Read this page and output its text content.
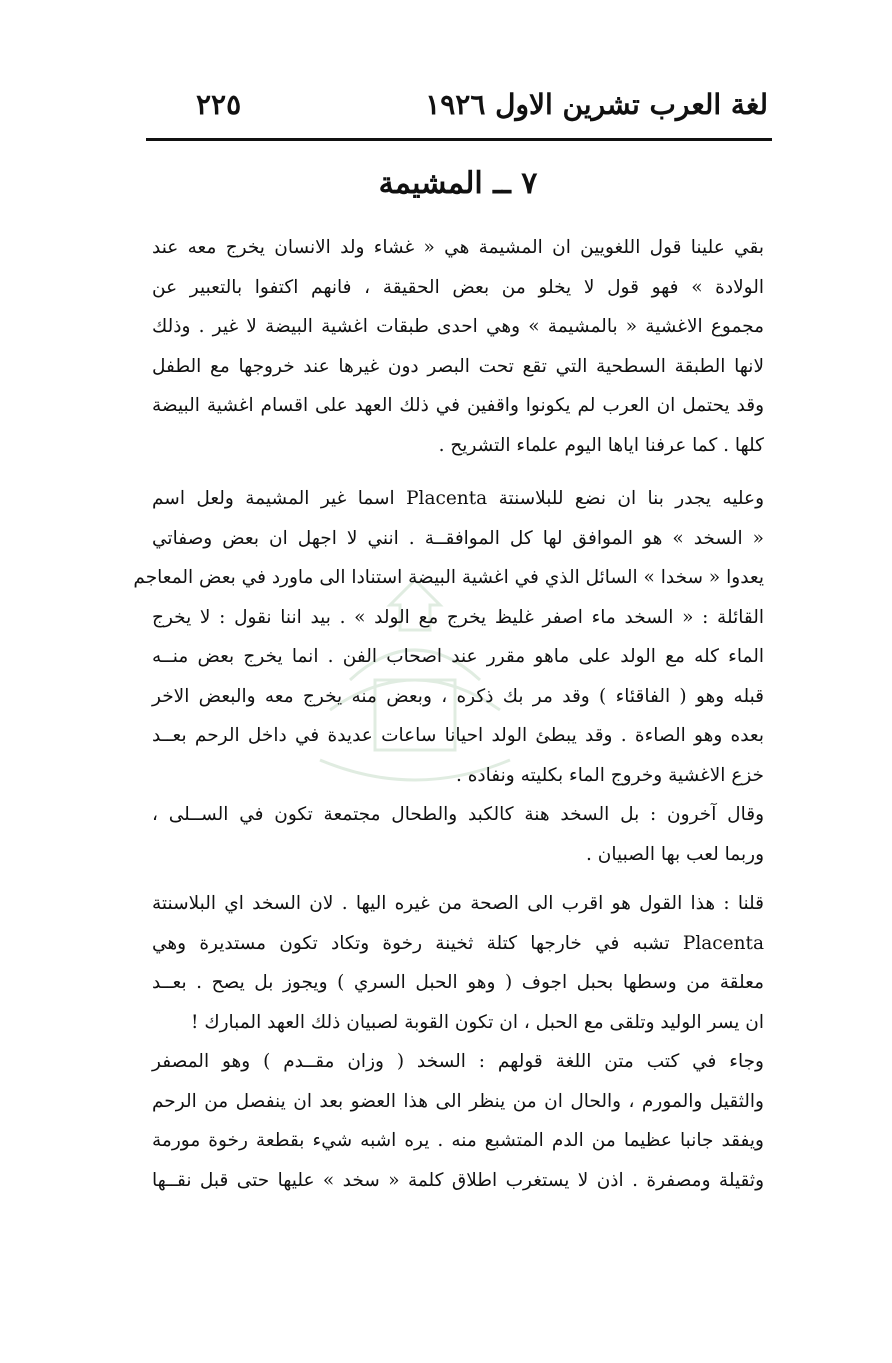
لغة العرب تشرين الاول ١٩٢٦
٢٢٥
٧ ــ المشيمة

بقي علينا قول اللغويين ان المشيمة هي « غشاء ولد الانسان يخرج معه عند

الولادة » فهو قول لا يخلو من بعض الحقيقة ، فانهم اكتفوا بالتعبير عن

مجموع الاغشية « بالمشيمة » وهي احدى طبقات اغشية البيضة لا غير . وذلك

لانها الطبقة السطحية التي تقع تحت البصر دون غيرها عند خروجها مع الطفل

وقد يحتمل ان العرب لم يكونوا واقفين في ذلك العهد على اقسام اغشية البيضة

كلها . كما عرفنا اياها اليوم علماء التشريح .

وعليه يجدر بنا ان نضع للبلاسنتة Placenta اسما غير المشيمة ولعل اسم

« السخد » هو الموافق لها كل الموافقــة . انني لا اجهل ان بعض وصفاتي

يعدوا « سخدا » السائل الذي في اغشية البيضة استنادا الى ماورد في بعض المعاجم

القائلة : « السخد ماء اصفر غليظ يخرج مع الولد » . بيد اننا نقول : لا يخرج

الماء كله مع الولد على ماهو مقرر عند اصحاب الفن . انما يخرج بعض منــه

قبله وهو ( الفاقئاء ) وقد مر بك ذكره ، وبعض منه يخرج معه والبعض الاخر

بعده وهو الصاءة . وقد يبطئ الولد احيانا ساعات عديدة في داخل الرحم بعــد

خزع الاغشية وخروج الماء بكليته ونفاده .

وقال آخرون : بل السخد هنة كالكبد والطحال مجتمعة تكون في الســلى ،

وربما لعب بها الصبيان .

قلنا : هذا القول هو اقرب الى الصحة من غيره اليها . لان السخد اي البلاسنتة

Placenta تشبه في خارجها كتلة ثخينة رخوة وتكاد تكون مستديرة وهي

معلقة من وسطها بحبل اجوف ( وهو الحبل السري ) ويجوز بل يصح . بعــد

ان يسر الوليد وتلقى مع الحبل ، ان تكون القوبة لصبيان ذلك العهد المبارك !

وجاء في كتب متن اللغة قولهم : السخد ( وزان مقــدم ) وهو المصفر

والثقيل والمورم ، والحال ان من ينظر الى هذا العضو بعد ان ينفصل من الرحم

ويفقد جانبا عظيما من الدم المتشبع منه . يره اشبه شيء بقطعة رخوة مورمة

وثقيلة ومصفرة . اذن لا يستغرب اطلاق كلمة « سخد » عليها حتى قبل نقــها
